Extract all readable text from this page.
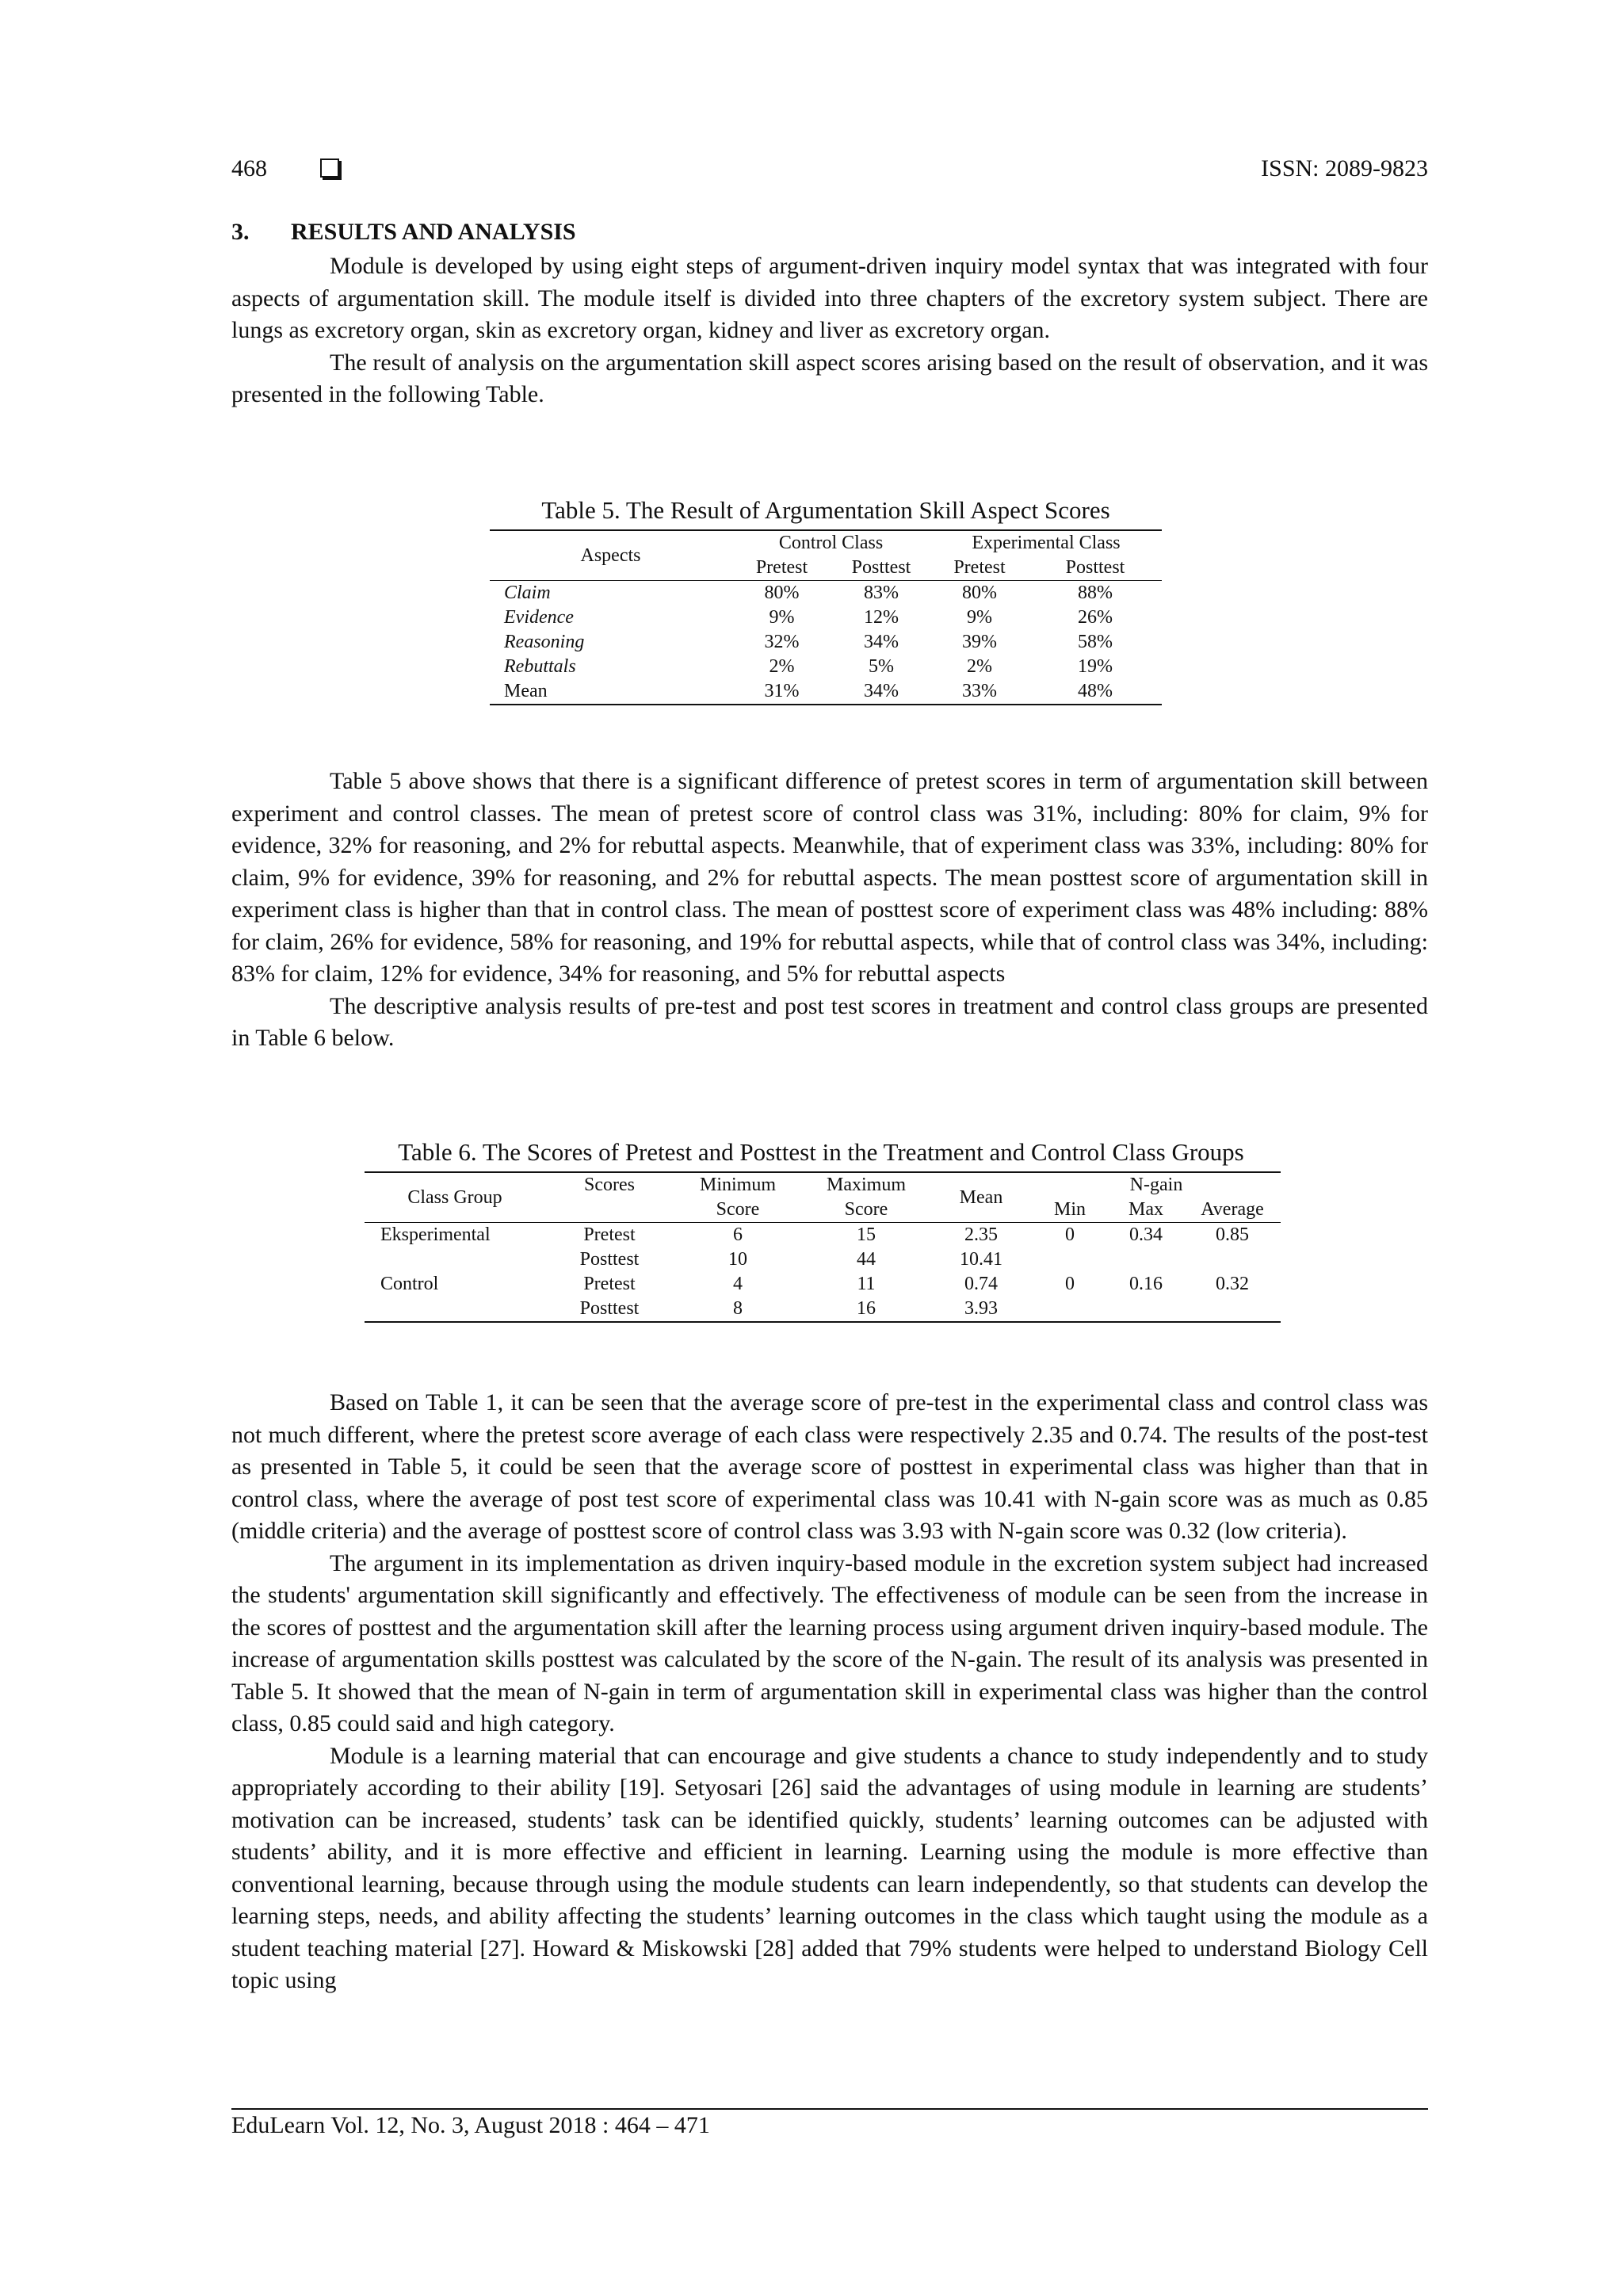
468	ISSN: 2089-9823
3. RESULTS AND ANALYSIS

Module is developed by using eight steps of argument-driven inquiry model syntax that was integrated with four aspects of argumentation skill. The module itself is divided into three chapters of the excretory system subject. There are lungs as excretory organ, skin as excretory organ, kidney and liver as excretory organ.

The result of analysis on the argumentation skill aspect scores arising based on the result of observation, and it was presented in the following Table.

Table 5. The Result of Argumentation Skill Aspect Scores
Aspects	Control Class		Experimental Class	
	Pretest	Posttest	Pretest	Posttest
Claim	80%	83%	80%	88%
Evidence	9%	12%	9%	26%
Reasoning	32%	34%	39%	58%
Rebuttals	2%	5%	2%	19%
Mean	31%	34%	33%	48%

Table 5 above shows that there is a significant difference of pretest scores in term of argumentation skill between experiment and control classes. The mean of pretest score of control class was 31%, including: 80% for claim, 9% for evidence, 32% for reasoning, and 2% for rebuttal aspects. Meanwhile, that of experiment class was 33%, including: 80% for claim, 9% for evidence, 39% for reasoning, and 2% for rebuttal aspects. The mean posttest score of argumentation skill in experiment class is higher than that in control class. The mean of posttest score of experiment class was 48% including: 88% for claim, 26% for evidence, 58% for reasoning, and 19% for rebuttal aspects, while that of control class was 34%, including: 83% for claim, 12% for evidence, 34% for reasoning, and 5% for rebuttal aspects

The descriptive analysis results of pre-test and post test scores in treatment and control class groups are presented in Table 6 below.

Table 6. The Scores of Pretest and Posttest in the Treatment and Control Class Groups
Class Group	Scores	Minimum	Maximum	Mean	N-gain		
		Score	Score		Min	Max	Average
Eksperimental	Pretest	6	15	2.35	0	0.34	0.85
	Posttest	10	44	10.41			
Control	Pretest	4	11	0.74	0	0.16	0.32
	Posttest	8	16	3.93			

Based on Table 1, it can be seen that the average score of pre-test in the experimental class and control class was not much different, where the pretest score average of each class were respectively 2.35 and 0.74. The results of the post-test as presented in Table 5, it could be seen that the average score of posttest in experimental class was higher than that in control class, where the average of post test score of experimental class was 10.41 with N-gain score was as much as 0.85 (middle criteria) and the average of posttest score of control class was 3.93 with N-gain score was 0.32 (low criteria).

The argument in its implementation as driven inquiry-based module in the excretion system subject had increased the students' argumentation skill significantly and effectively. The effectiveness of module can be seen from the increase in the scores of posttest and the argumentation skill after the learning process using argument driven inquiry-based module. The increase of argumentation skills posttest was calculated by the score of the N-gain. The result of its analysis was presented in Table 5. It showed that the mean of N-gain in term of argumentation skill in experimental class was higher than the control class, 0.85 could said and high category.

Module is a learning material that can encourage and give students a chance to study independently and to study appropriately according to their ability [19]. Setyosari [26] said the advantages of using module in learning are students’ motivation can be increased, students’ task can be identified quickly, students’ learning outcomes can be adjusted with students’ ability, and it is more effective and efficient in learning. Learning using the module is more effective than conventional learning, because through using the module students can learn independently, so that students can develop the learning steps, needs, and ability affecting the students’ learning outcomes in the class which taught using the module as a student teaching material [27]. Howard & Miskowski [28] added that 79% students were helped to understand Biology Cell topic using

EduLearn Vol. 12, No. 3, August 2018 : 464 – 471
